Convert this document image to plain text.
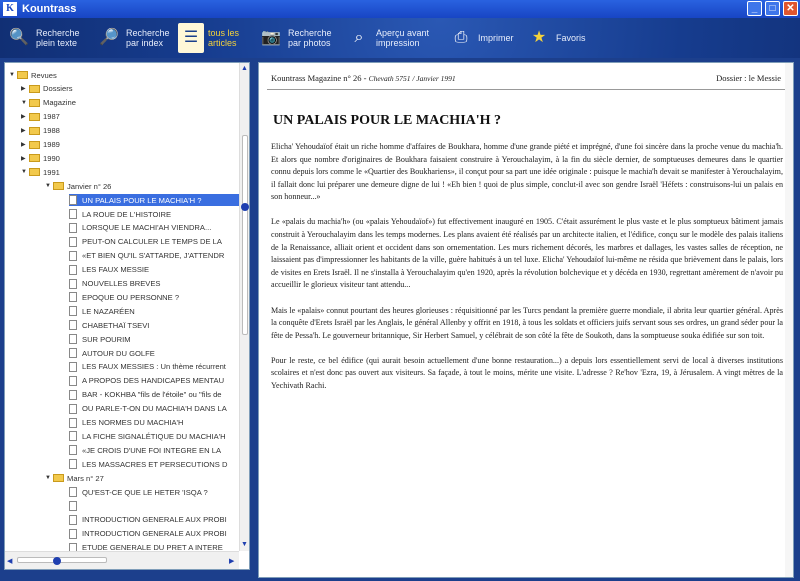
K Kountrass	_	□	✕
🔍 Recherche
plein texte 🔎 Recherche
par index	☰	tous les
articles 📷 Recherche
par photos	⌕	Aperçu avant
impression	⎙	Imprimer	★	Favoris
▼ Revues
▶	Dossiers
▼ Magazine
▶	1987
▶	1988
▶	1989
▶	1990
▼ 1991
▼ Janvier n° 26
UN PALAIS POUR LE MACHIA'H ?
LA ROUE DE L'HISTOIRE
LORSQUE LE MACHI'AH VIENDRA...
PEUT-ON CALCULER LE TEMPS DE LA
«ET BIEN QU'IL S'ATTARDE, J'ATTENDR
LES FAUX MESSIE
NOUVELLES BREVES
EPOQUE OU PERSONNE ?
LE NAZARÉEN
CHABETHAÏ TSEVI
SUR POURIM
AUTOUR DU GOLFE
LES FAUX MESSIES : Un thème récurrent
A PROPOS DES HANDICAPES MENTAU
BAR - KOKHBA "fils de l'étoile" ou "fils de
OU PARLE-T-ON DU MACHIA'H DANS LA
LES NORMES DU MACHIA'H
LA FICHE SIGNALÉTIQUE DU MACHIA'H
«JE CROIS D'UNE FOI INTEGRE EN LA
LES MASSACRES ET PERSECUTIONS D
▼ Mars n° 27
QU'EST-CE QUE LE HETER 'ISQA ?
INTRODUCTION GENERALE AUX PROBI
INTRODUCTION GENERALE AUX PROBI
ETUDE GENERALE DU PRET A INTERE
▲
▼
◀	▶
Kountrass Magazine n° 26 - Chevath 5751 / Janvier 1991	Dossier : le Messie
UN PALAIS POUR LE MACHIA'H ?

Elicha' Yehoudaïof était un riche homme d'affaires de Boukhara, homme d'une grande piété et imprégné, d'une foi sincère dans la proche venue du machia'h. Et alors que nombre d'originaires de Boukhara faisaient construire à Yerouchalayim, à la fin du siècle dernier, de somptueuses demeures dans le quartier connu depuis lors comme le «Quartier des Boukhariens», il conçut pour sa part une idée originale : puisque le machia'h devait se manifester à Yerouchalayim, il fallait donc lui préparer une demeure digne de lui ! «Eh bien ! quoi de plus simple, conclut-il avec son gendre Israël 'Héfets : construisons-lui un palais en son honneur...»

Le «palais du machia'h» (ou «palais Yehoudaïof») fut effectivement inauguré en 1905. C'était assurément le plus vaste et le plus somptueux bâtiment jamais construit à Yerouchalayim dans les temps modernes. Les plans avaient été réalisés par un architecte italien, et l'édifice, conçu sur le modèle des palais italiens de la Renaissance, alliait orient et occident dans son ornementation. Les murs richement décorés, les marbres et dallages, les vastes salles de réception, ne laissaient pas d'impressionner les habitants de la ville, guère habitués à un tel luxe. Elicha' Yehoudaïof lui-même ne résida que brièvement dans le palais, lors de visites en Erets Israël. Il ne s'installa à Yerouchalayim qu'en 1920, après la révolution bolchevique et y décéda en 1930, regrettant amèrement de n'avoir pu accueillir le glorieux visiteur tant attendu...

Mais le «palais» connut pourtant des heures glorieuses : réquisitionné par les Turcs pendant la première guerre mondiale, il abrita leur quartier général. Après la conquête d'Erets Israël par les Anglais, le général Allenby y offrit en 1918, à tous les soldats et officiers juifs servant sous ses ordres, un grand séder pour la fête de Pessa'h. Le gouverneur britannique, Sir Herbert Samuel, y célébrait de son côté la fête de Soukoth, dans la somptueuse souka édifiée sur son toit.

Pour le reste, ce bel édifice (qui aurait besoin actuellement d'une bonne restauration...) a depuis lors essentiellement servi de local à diverses institutions scolaires et n'est donc pas ouvert aux visiteurs. Sa façade, à tout le moins, mérite une visite. L'adresse ? Re'hov 'Ezra, 19, à Jérusalem. A vingt mètres de la Yechivath Rachi.
